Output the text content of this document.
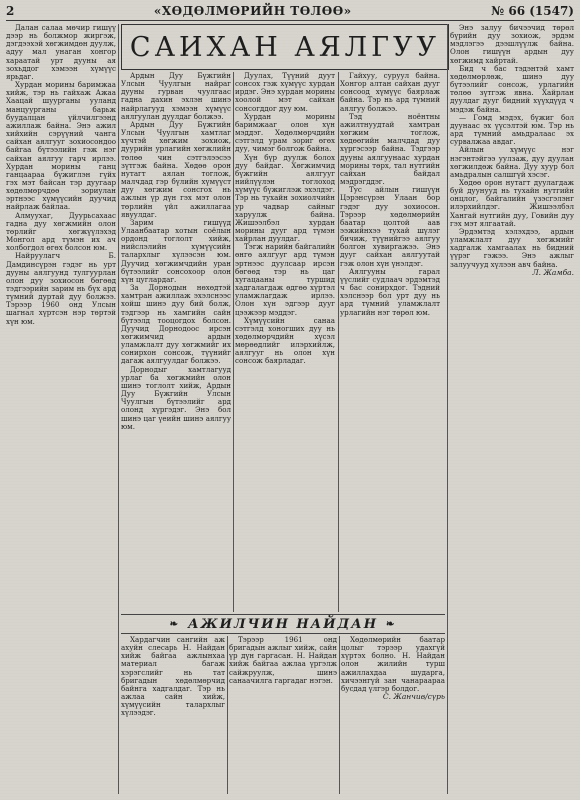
2	«ХӨДӨЛМӨРИЙН ТӨЛӨӨ»	№ 66 (1547)

Далан салаа мөчир гишүү дээр нь болжмор жиргэж, дэгдээхэй хөгжимдөн дуулж, адуу мал унаган хонгор хараатай урт дууны ая зохьддог хэмээн хүмүүс ярьдаг.

Хурдан морины баримжаа хийж, тэр нь гайхаж Ажаа Хаацай шуурганы ууланд манцуурганы барьж буудалцан үйлчилгээнд ажиллаж байна. Энэ ажил хийхийн сэрүүний чанга сайхан аялгууг зохиосондоо байгаа бүтээлийн гэж нэг сайхан аялгуу гарч ирлээ. Хурдан морины ганц ганцаараа бүжиглэн гүйх гэх мэт байсан тэр дуугаар хөдөлмөрчдөө зориулан эртнээс хүмүүсийн дуучид найрлаж байлаа.

Алмуухаг, Дуурьсахаас гадна дуу хөгжмийн олон төрлийг хөгжүүлэхэд Монгол ард түмэн их ач холбогдол өгөх болсон юм.

Найруулагч Б. Дамдинсүрэн гэдэг нь урт дууны аялгуунд тулгуурлан олон дуу зохиосон бөгөөд тэдгээрийн зарим нь бүх ард түмний дуртай дуу болжээ. Тэрээр 1960 онд Улсын шагнал хүртсэн нэр төртэй хүн юм.

САИХАН АЯЛГУУ

Ардын Дуу Бүжгийн Улсын Чуулгын найраг дууны гурван чуулгаас гадна дахин эхлэн шинэ найрлагууд хэмээн хүмүүс аялгуулан дуулдаг болжээ.

Ардын Дуу Бүжгийн Улсын Чуулгын хамтлаг хүчтэй хөгжим зохиож, дуурийн урлагийн хөгжлийн төлөө чин сэтгэлээсээ зүтгэж байна. Хөдөө орон нутагт аялан тоглож, малчдад гэр бүлийн хүмүүст дуу хөгжим сонсгох нь ажлын үр дүн гэх мэт олон төрлийн үйл ажиллагаа явуулдаг.

Зарим гишүүд Улаанбаатар хотын соёлын ордонд тоглолт хийж, нийслэлийн хүмүүсийн талархлыг хүлээсэн юм. Дуучид хөгжимчдийн уран бүтээлийг сонсохоор олон хүн цуглардаг.

За Дорнодын нөхөдтэй хамтран ажиллаж эхэлснээс хойш шинэ дуу бий болж, тэдгээр нь хамгийн сайн бүтээлд тооцогдох болсон. Дуучид Дорнодоос ирсэн хөгжимчид ардын уламжлалт дуу хөгжмийг их сонирхон сонсож, түүнийг дагаж аялгуулдаг болжээ.

Дорнодыг хамтлагууд урлаг ба хөгжмийн олон шинэ тоглолт хийж, Ардын Дуу Бүжгийн Улсын Чуулгын бүтээлийг ард олонд хүргэдэг. Энэ бол шинэ цаг үеийн шинэ аялгуу юм.

Дуулах, Түүний дуут сонсох гэж хүмүүс хурдан ирдэг. Энэ хурдан морины хоолой мэт сайхан сонсогддог дуу юм.

Хурдан морины баримжааг олон хүн мэддэг. Хөдөлмөрчдийн сэтгэлд урам зориг өгөх дуу, чимэг болгож байна.

Хүн бүр дуулж болох дуу байдаг. Хөгжимчид бүжгийн аялгууг нийлүүлэн тоглоход хүмүүс бүжиглэж эхэлдэг. Тэр нь тухайн зохиолчийн ур чадвар сайныг харуулж байна. Жишээлбэл хурдан морины дууг ард түмэн хайрлан дуулдаг.

Тэгж нарийн байгалийн өнгө аялгууг ард түмэн эртнээс дуулсаар ирсэн бөгөөд тэр нь цаг хугацааны туршид хадгалагдаж өдгөө хүртэл уламжлагдаж ирлээ. Олон хүн эдгээр дууг цээжээр мэддэг.

Хүмүүсийн санаа сэтгэлд хоногших дуу нь хөдөлмөрчдийн хүсэл мөрөөдлийг илэрхийлж, аялгууг нь олон хүн сонсож баярладаг.

Гайхуу, суруул байна. Хонгор алтан сайхан дууг сонсоод хүмүүс баярлаж байна. Тэр нь ард түмний аялгуу болжээ.

Тэд ноёнтны ажилтнуудтай хамтран хөгжим тоглож, хөдөөгийн малчдад дуу хүргэсээр байна. Тэдгээр дууны аялгуунаас хурдан морины төрх, тал нутгийн сайхан байдал мэдрэгддэг.

Тус айлын гишүүн Цэрэнсүрэн Улаан бор гэдэг дуу зохиосон. Тэрээр хөдөлмөрийн баатар цолтой аав ээжийнхээ тухай шүлэг бичиж, түүнийгээ аялгуу болгон хувиргажээ. Энэ дууг сайхан аялгуутай гэж олон хүн үнэлдэг.

Аялгууны гарал үүслийг судлаач эрдэмтэд ч бас сонирхдог. Тэдний хэлснээр бол урт дуу нь ард түмний уламжлалт урлагийн нэг төрөл юм.

Энэ залуу бичээчид төрөл бүрийн дуу зохиож, эрдэм мэдлэгээ дээшлүүлж байна. Олон гишүүн ардын дуу хөгжимд хайртай.

Бид ч бас тэдэнтэй хамт хөдөлмөрлөж, шинэ дуу бүтээлийг сонсож, урлагийн төлөө зүтгэж явна. Хайрлан дуулдаг дууг бидний хүүхдүүд ч мэдэж байна.

— Гомд мэдэх, бүжиг бол дуунаас эх үүсэлтэй юм. Тэр нь ард түмний амьдралаас эх сурвалжаа авдаг.

Айлын хүмүүс нэг нэгэнтэйгээ уулзаж, дуу дуулан хөгжилдөж байна. Дуу хуур бол амьдралын салшгүй хэсэг.

Хөдөө орон нутагт дуулагдаж буй дуунууд нь тухайн нутгийн онцлог, байгалийн үзэсгэлэнг илэрхийлдэг. Жишээлбэл Хангай нутгийн дуу, Говийн дуу гэх мэт ялгаатай.

Эрдэмтэд хэлэхдээ, ардын уламжлалт дуу хөгжмийг хадгалж хамгаалах нь бидний үүрэг гэжээ. Энэ ажлыг залуучууд хүлээн авч байна.

Л. Жамба.
❧ АЖИЛЧИН НАЙДАН ❧

Хардагчин сангийн аж ахуйн слесарь Н. Найдан хийж байгаа ажлынхаа материал багаж хэрэгслийг нь тат бригадын хөдөлмөрчид байнга хадгалдаг. Тэр нь ажлаа сайн хийж, хүмүүсийн талархлыг хүлээдэг.

Тэрээр 1961 онд бригадын ажлыг хийж, сайн үр дүн гаргасан. Н. Найдан хийж байгаа ажлаа үргэлж сайжруулж, шинэ санаачилга гаргадаг нэгэн.

Хөдөлмөрийн баатар цолыг тэрээр удахгүй хүртэх болно. Н. Найдан олон жилийн турш ажиллахдаа шударга, хичээнгүй зан чанараараа бусдад үлгэр болдог.

С. Жанчив/сүрь
